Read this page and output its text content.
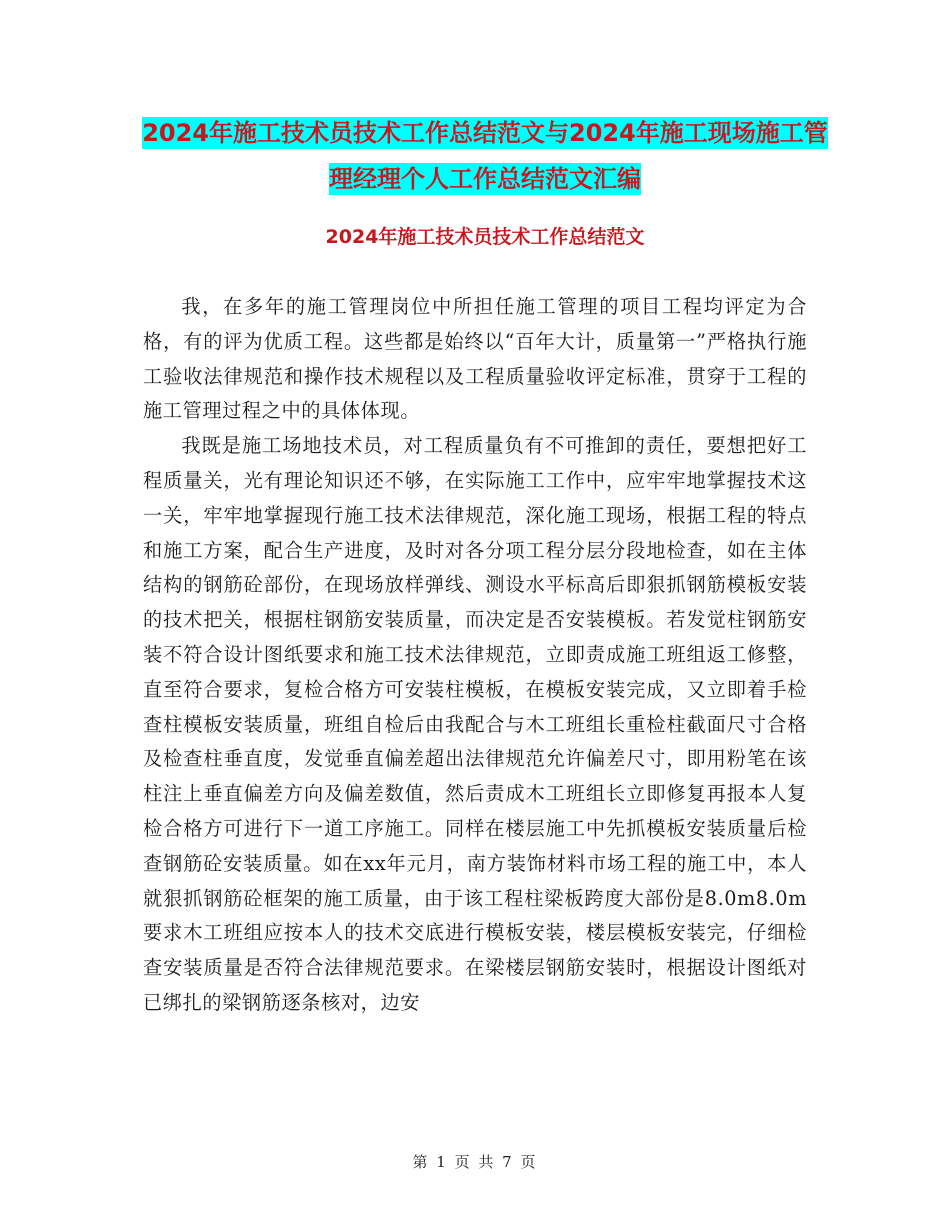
2024年施工技术员技术工作总结范文与2024年施工现场施工管理经理个人工作总结范文汇编
2024年施工技术员技术工作总结范文

我，在多年的施工管理岗位中所担任施工管理的项目工程均评定为合格，有的评为优质工程。这些都是始终以“百年大计，质量第一”严格执行施工验收法律规范和操作技术规程以及工程质量验收评定标准，贯穿于工程的施工管理过程之中的具体体现。

我既是施工场地技术员，对工程质量负有不可推卸的责任，要想把好工程质量关，光有理论知识还不够，在实际施工工作中，应牢牢地掌握技术这一关，牢牢地掌握现行施工技术法律规范，深化施工现场，根据工程的特点和施工方案，配合生产进度，及时对各分项工程分层分段地检查，如在主体结构的钢筋砼部份，在现场放样弹线、测设水平标高后即狠抓钢筋模板安装的技术把关，根据柱钢筋安装质量，而决定是否安装模板。若发觉柱钢筋安装不符合设计图纸要求和施工技术法律规范，立即责成施工班组返工修整，直至符合要求，复检合格方可安装柱模板，在模板安装完成，又立即着手检查柱模板安装质量，班组自检后由我配合与木工班组长重检柱截面尺寸合格及检查柱垂直度，发觉垂直偏差超出法律规范允许偏差尺寸，即用粉笔在该柱注上垂直偏差方向及偏差数值，然后责成木工班组长立即修复再报本人复检合格方可进行下一道工序施工。同样在楼层施工中先抓模板安装质量后检查钢筋砼安装质量。如在xx年元月，南方装饰材料市场工程的施工中，本人就狠抓钢筋砼框架的施工质量，由于该工程柱梁板跨度大部份是8.0m8.0m要求木工班组应按本人的技术交底进行模板安装，楼层模板安装完，仔细检查安装质量是否符合法律规范要求。在梁楼层钢筋安装时，根据设计图纸对已绑扎的梁钢筋逐条核对，边安

第 1 页 共 7 页
